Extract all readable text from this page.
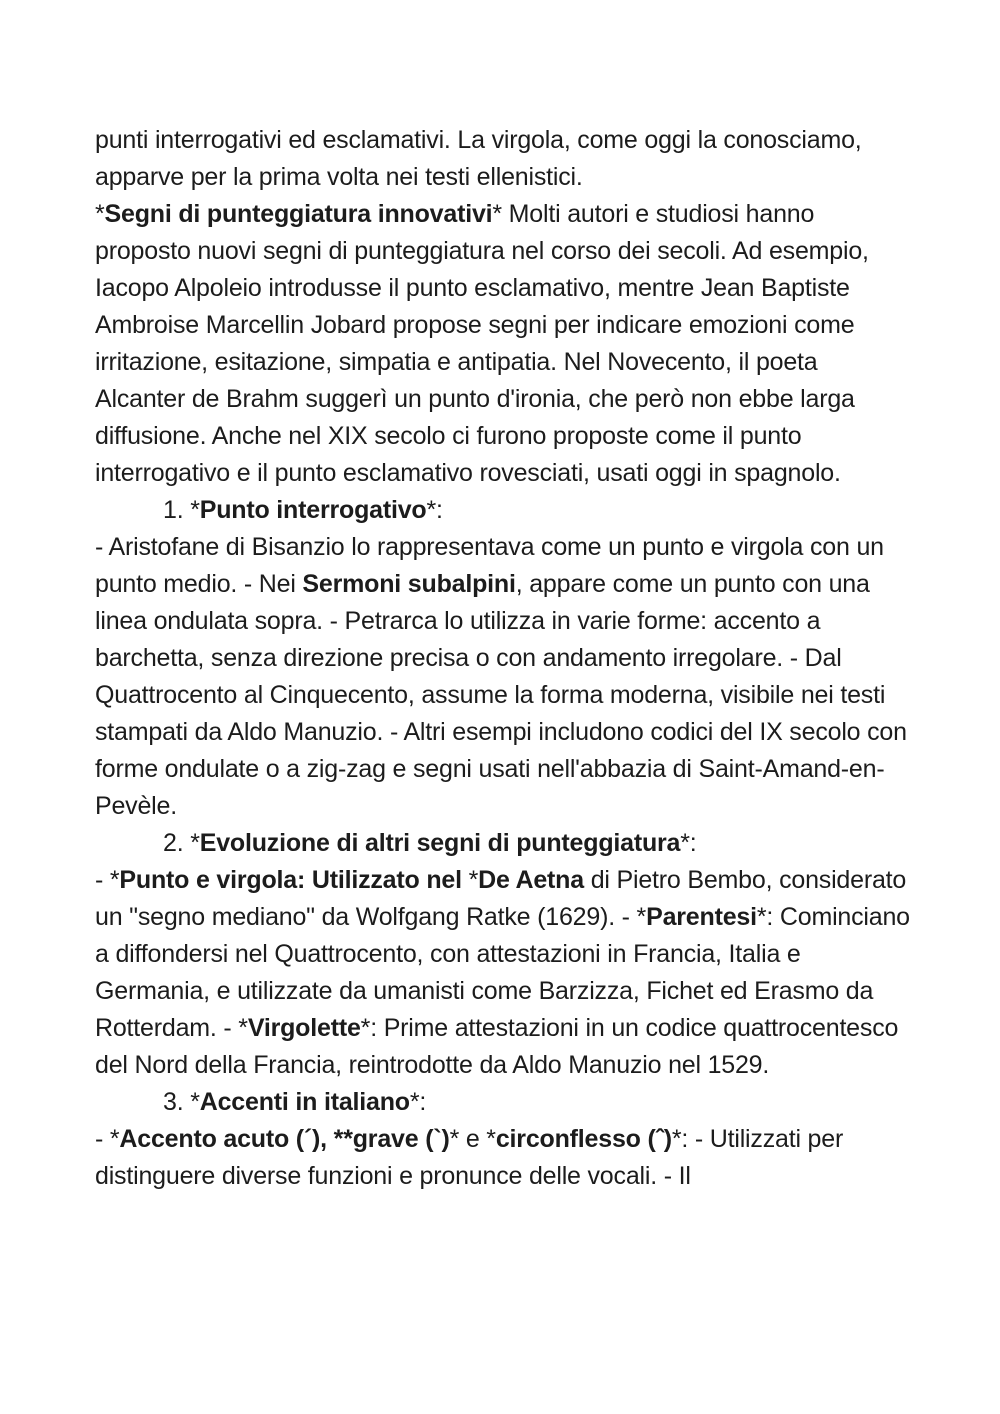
punti interrogativi ed esclamativi. La virgola, come oggi la conosciamo, apparve per la prima volta nei testi ellenistici.
*Segni di punteggiatura innovativi* Molti autori e studiosi hanno proposto nuovi segni di punteggiatura nel corso dei secoli. Ad esempio, Iacopo Alpoleio introdusse il punto esclamativo, mentre Jean Baptiste Ambroise Marcellin Jobard propose segni per indicare emozioni come irritazione, esitazione, simpatia e antipatia. Nel Novecento, il poeta Alcanter de Brahm suggerì un punto d'ironia, che però non ebbe larga diffusione. Anche nel XIX secolo ci furono proposte come il punto interrogativo e il punto esclamativo rovesciati, usati oggi in spagnolo.

1. *Punto interrogativo*:

- Aristofane di Bisanzio lo rappresentava come un punto e virgola con un punto medio. - Nei Sermoni subalpini, appare come un punto con una linea ondulata sopra. - Petrarca lo utilizza in varie forme: accento a barchetta, senza direzione precisa o con andamento irregolare. - Dal Quattrocento al Cinquecento, assume la forma moderna, visibile nei testi stampati da Aldo Manuzio. - Altri esempi includono codici del IX secolo con forme ondulate o a zig-zag e segni usati nell'abbazia di Saint-Amand-en-Pevèle.

2. *Evoluzione di altri segni di punteggiatura*:

- *Punto e virgola: Utilizzato nel *De Aetna di Pietro Bembo, considerato un "segno mediano" da Wolfgang Ratke (1629). - *Parentesi*: Cominciano a diffondersi nel Quattrocento, con attestazioni in Francia, Italia e Germania, e utilizzate da umanisti come Barzizza, Fichet ed Erasmo da Rotterdam. - *Virgolette*: Prime attestazioni in un codice quattrocentesco del Nord della Francia, reintrodotte da Aldo Manuzio nel 1529.

3. *Accenti in italiano*:

- *Accento acuto (´), **grave (`)* e *circonflesso (ˆ)*: - Utilizzati per distinguere diverse funzioni e pronunce delle vocali. - Il
